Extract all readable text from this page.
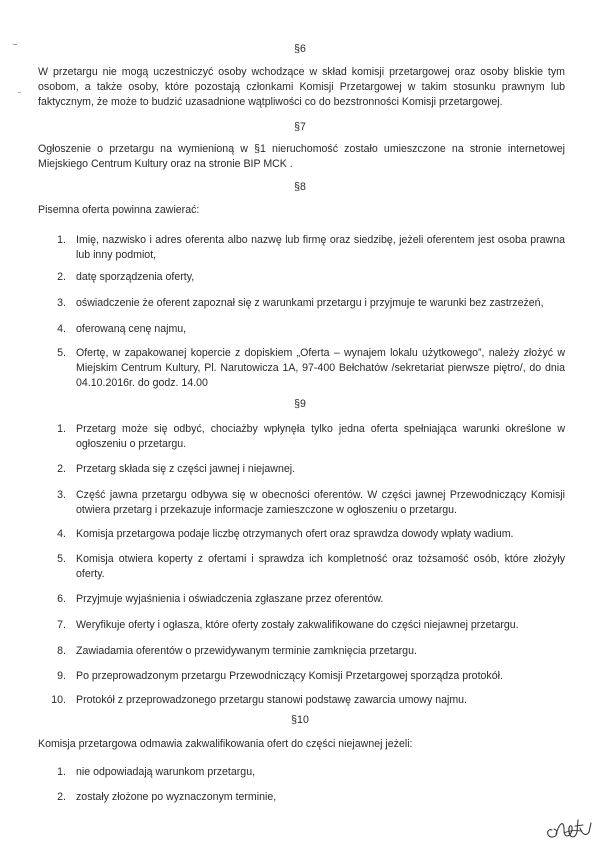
§6
W przetargu nie mogą uczestniczyć osoby wchodzące w skład komisji przetargowej oraz osoby bliskie tym osobom, a także osoby, które pozostają członkami Komisji Przetargowej w takim stosunku prawnym lub faktycznym, że może to budzić uzasadnione wątpliwości co do bezstronności Komisji przetargowej.
§7
Ogłoszenie o przetargu na wymienioną w §1 nieruchomość zostało umieszczone na stronie internetowej Miejskiego Centrum Kultury oraz na stronie BIP MCK .
§8
Pisemna oferta powinna zawierać:
1. Imię, nazwisko i adres oferenta albo nazwę lub firmę oraz siedzibę, jeżeli oferentem jest osoba prawna lub inny podmiot,
2. datę sporządzenia oferty,
3. oświadczenie że oferent zapoznał się z warunkami przetargu i przyjmuje te warunki bez zastrzeżeń,
4. oferowaną cenę najmu,
5. Ofertę, w zapakowanej kopercie z dopiskiem „Oferta – wynajem lokalu użytkowego”, należy złożyć w Miejskim Centrum Kultury, Pl. Narutowicza 1A, 97-400 Bełchatów /sekretariat pierwsze piętro/, do dnia 04.10.2016r. do godz. 14.00
§9
1. Przetarg może się odbyć, chociażby wpłynęła tylko jedna oferta spełniająca warunki określone w ogłoszeniu o przetargu.
2. Przetarg składa się z części jawnej i niejawnej.
3. Część jawna przetargu odbywa się w obecności oferentów. W części jawnej Przewodniczący Komisji otwiera przetarg i przekazuje informacje zamieszczone w ogłoszeniu o przetargu.
4. Komisja przetargowa podaje liczbę otrzymanych ofert oraz sprawdza dowody wpłaty wadium.
5. Komisja otwiera koperty z ofertami i sprawdza ich kompletność oraz tożsamość osób, które złożyły oferty.
6. Przyjmuje wyjaśnienia i oświadczenia zgłaszane przez oferentów.
7. Weryfikuje oferty i ogłasza, które oferty zostały zakwalifikowane do części niejawnej przetargu.
8. Zawiadamia oferentów o przewidywanym terminie zamknięcia przetargu.
9. Po przeprowadzonym przetargu Przewodniczący Komisji Przetargowej sporządza protokół.
10. Protokół z przeprowadzonego przetargu stanowi podstawę zawarcia umowy najmu.
§10
Komisja przetargowa odmawia zakwalifikowania ofert do części niejawnej jeżeli:
1. nie odpowiadają warunkom przetargu,
2. zostały złożone po wyznaczonym terminie,
